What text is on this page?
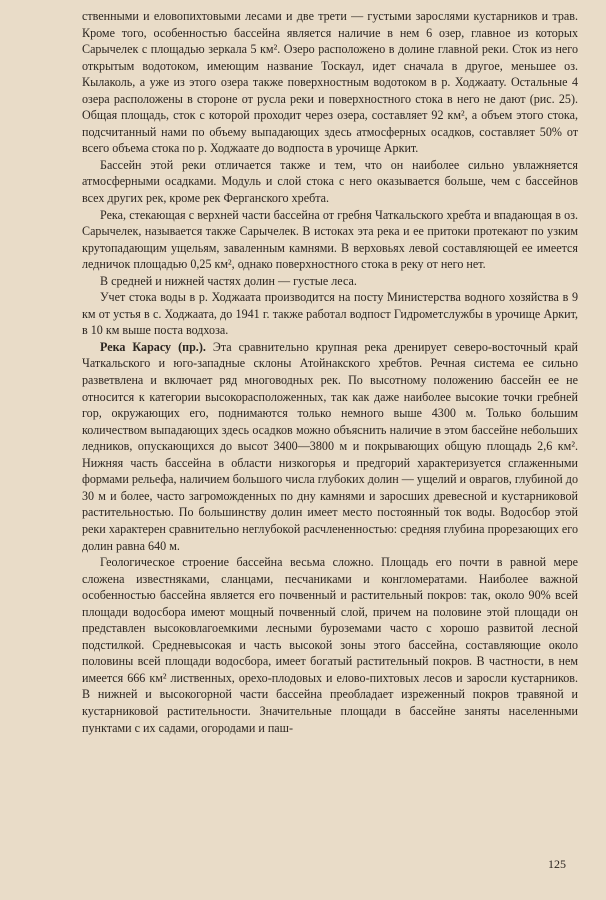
ственными и еловопихтовыми лесами и две трети — густыми зарослями кустарников и трав. Кроме того, особенностью бассейна является наличие в нем 6 озер, главное из которых Сарычелек с площадью зеркала 5 км². Озеро расположено в долине главной реки. Сток из него открытым водотоком, имеющим название Тоскаул, идет сначала в другое, меньшее оз. Кылаколь, а уже из этого озера также поверхностным водотоком в р. Ходжаату. Остальные 4 озера расположены в стороне от русла реки и поверхностного стока в него не дают (рис. 25). Общая площадь, сток с которой проходит через озера, составляет 92 км², а объем этого стока, подсчитанный нами по объему выпадающих здесь атмосферных осадков, составляет 50% от всего объема стока по р. Ходжаате до водпоста в урочище Аркит.

Бассейн этой реки отличается также и тем, что он наиболее сильно увлажняется атмосферными осадками. Модуль и слой стока с него оказывается больше, чем с бассейнов всех других рек, кроме рек Ферганского хребта.

Река, стекающая с верхней части бассейна от гребня Чаткальского хребта и впадающая в оз. Сарычелек, называется также Сарычелек. В истоках эта река и ее притоки протекают по узким крутопадающим ущельям, заваленным камнями. В верховьях левой составляющей ее имеется ледничок площадью 0,25 км², однако поверхностного стока в реку от него нет.

В средней и нижней частях долин — густые леса.

Учет стока воды в р. Ходжаата производится на посту Министерства водного хозяйства в 9 км от устья в с. Ходжаата, до 1941 г. также работал водпост Гидрометслужбы в урочище Аркит, в 10 км выше поста водхоза.

Река Карасу (пр.). Эта сравнительно крупная река дренирует северо-восточный край Чаткальского и юго-западные склоны Атойнакского хребтов. Речная система ее сильно разветвлена и включает ряд многоводных рек. По высотному положению бассейн ее не относится к категории высокорасположенных, так как даже наиболее высокие точки гребней гор, окружающих его, поднимаются только немного выше 4300 м. Только большим количеством выпадающих здесь осадков можно объяснить наличие в этом бассейне небольших ледников, опускающихся до высот 3400—3800 м и покрывающих общую площадь 2,6 км². Нижняя часть бассейна в области низкогорья и предгорий характеризуется сглаженными формами рельефа, наличием большого числа глубоких долин — ущелий и оврагов, глубиной до 30 м и более, часто загроможденных по дну камнями и заросших древесной и кустарниковой растительностью. По большинству долин имеет место постоянный ток воды. Водосбор этой реки характерен сравнительно неглубокой расчлененностью: средняя глубина прорезающих его долин равна 640 м.

Геологическое строение бассейна весьма сложно. Площадь его почти в равной мере сложена известняками, сланцами, песчаниками и конгломератами. Наиболее важной особенностью бассейна является его почвенный и растительный покров: так, около 90% всей площади водосбора имеют мощный почвенный слой, причем на половине этой площади он представлен высоковлагоемкими лесными буроземами часто с хорошо развитой лесной подстилкой. Средневысокая и часть высокой зоны этого бассейна, составляющие около половины всей площади водосбора, имеет богатый растительный покров. В частности, в нем имеется 666 км² лиственных, орехо-плодовых и елово-пихтовых лесов и заросли кустарников. В нижней и высокогорной части бассейна преобладает изреженный покров травяной и кустарниковой растительности. Значительные площади в бассейне заняты населенными пунктами с их садами, огородами и паш-

125
